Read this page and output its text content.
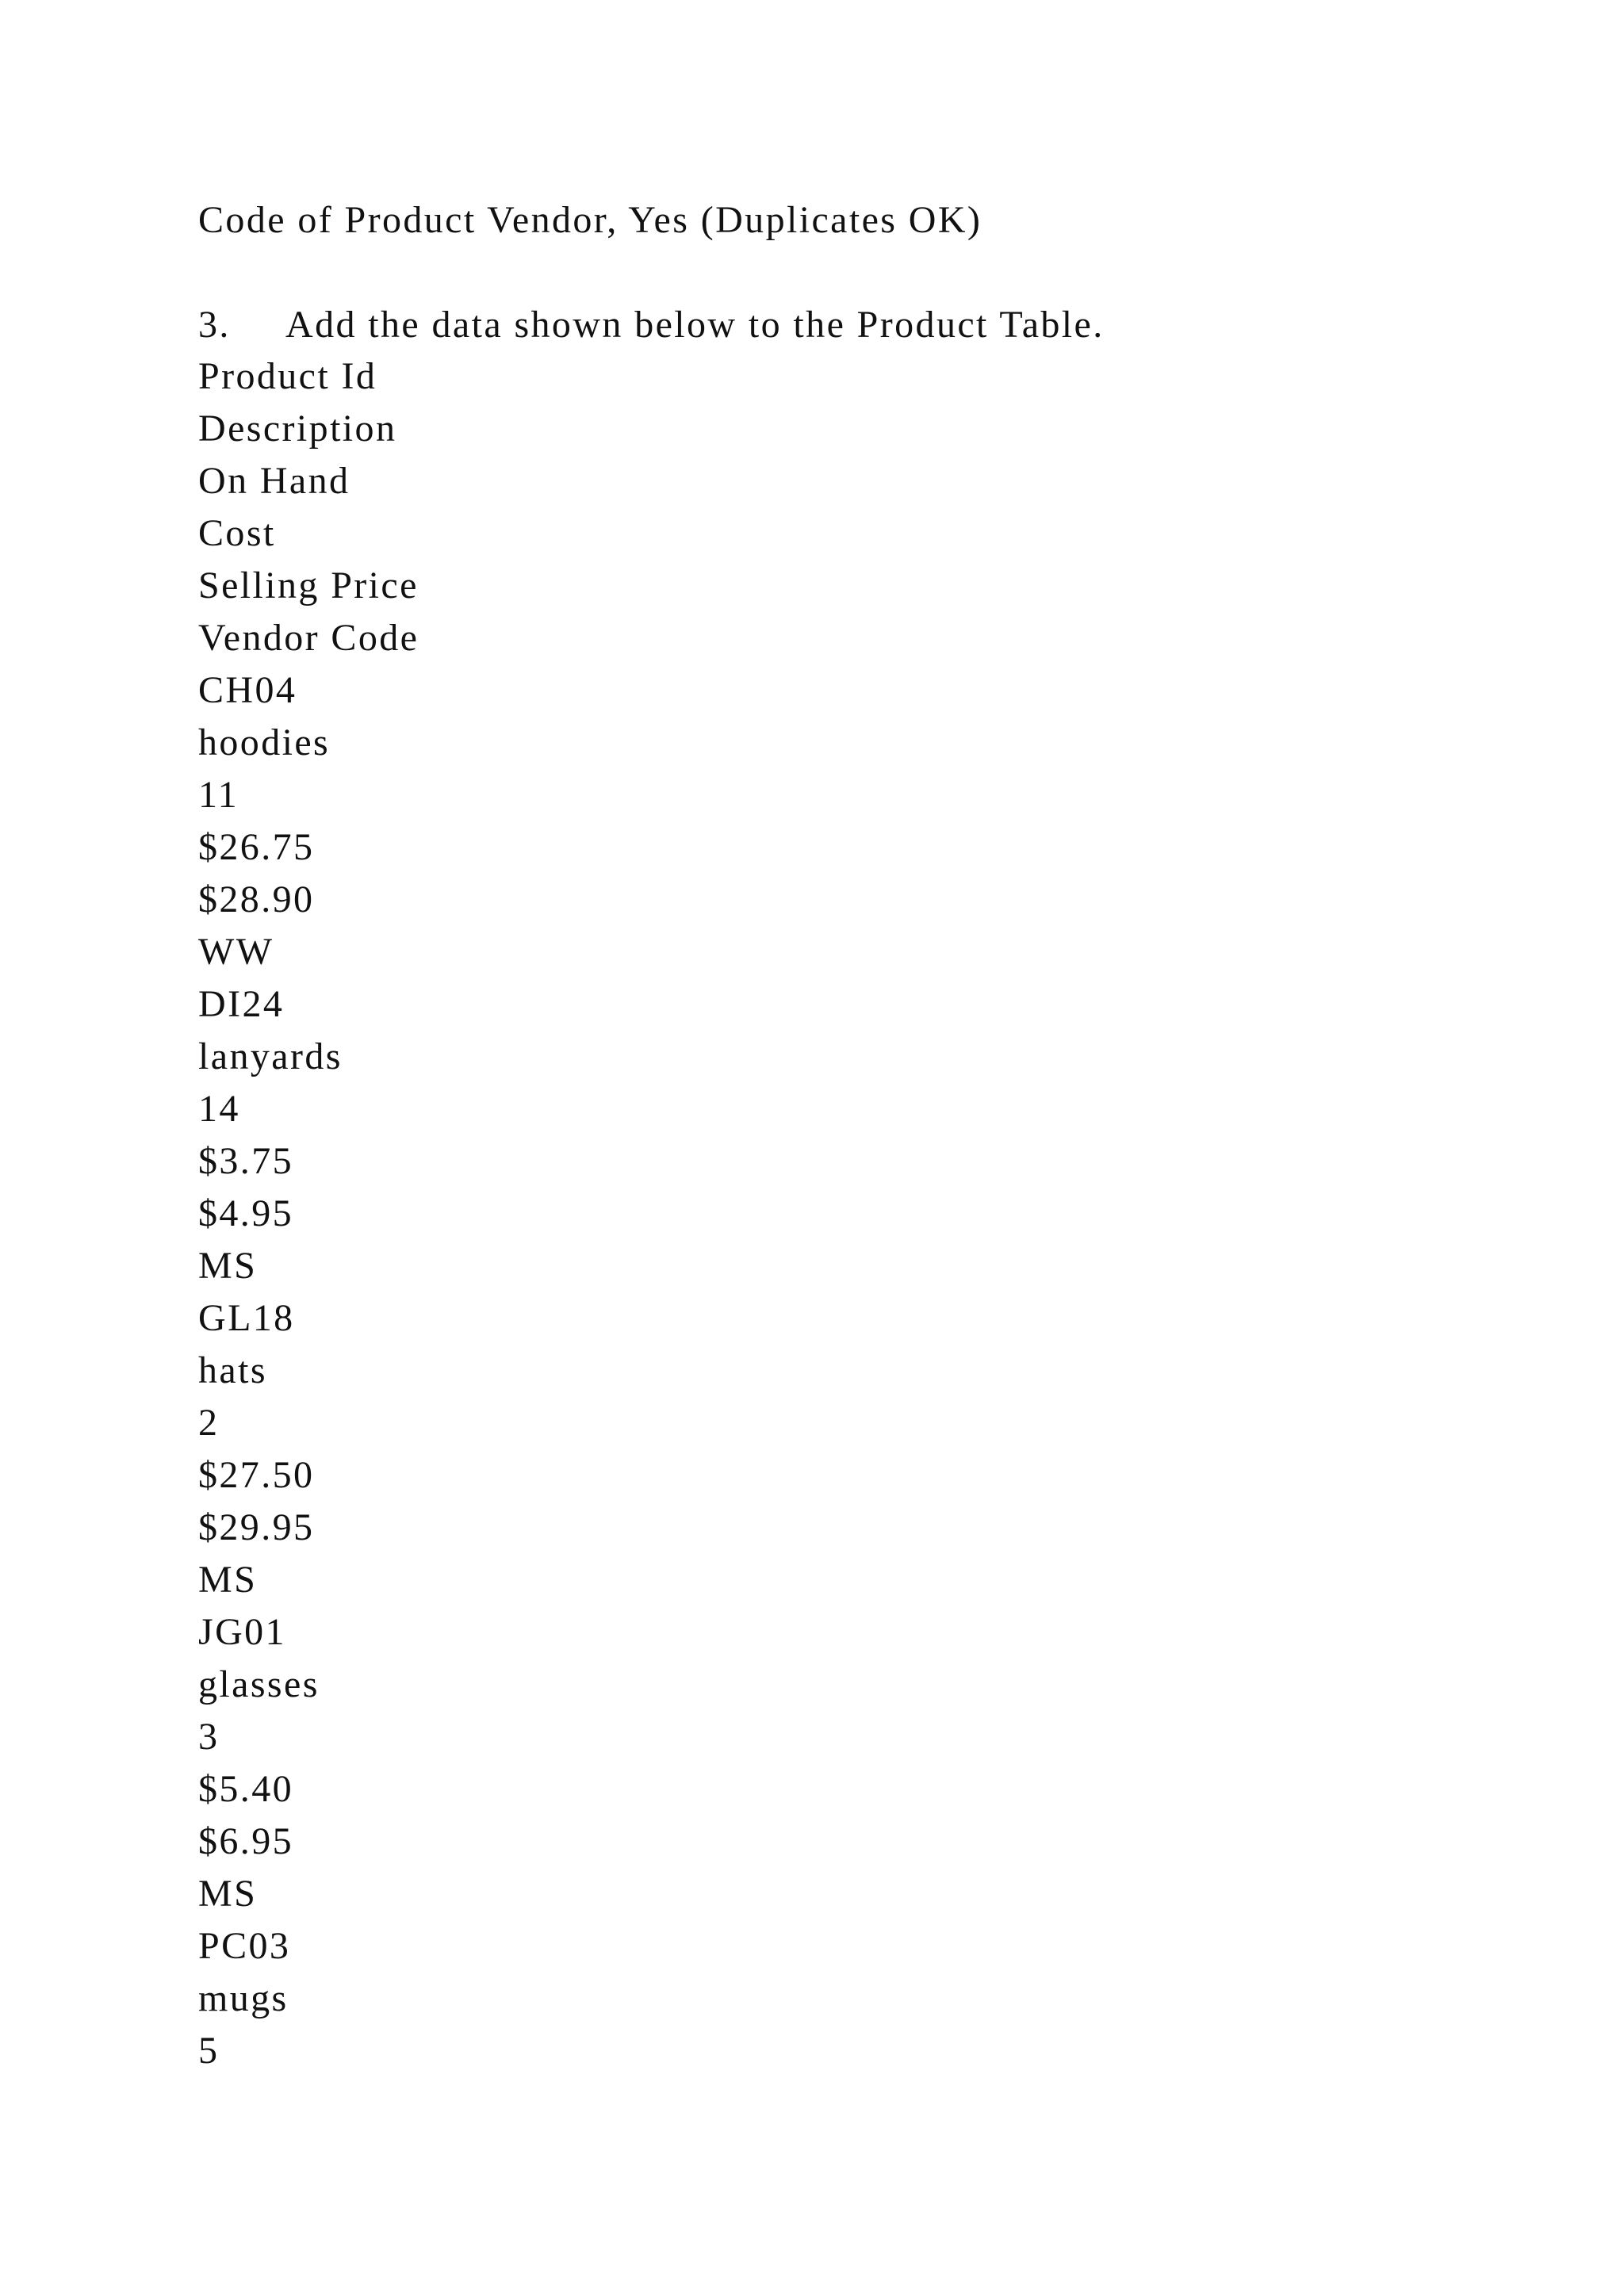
Code of Product Vendor, Yes (Duplicates OK)

3. Add the data shown below to the Product Table.

Product Id

Description

On Hand

Cost

Selling Price

Vendor Code

CH04

hoodies

11

$26.75

$28.90

WW

DI24

lanyards

14

$3.75

$4.95

MS

GL18

hats

2

$27.50

$29.95

MS

JG01

glasses

3

$5.40

$6.95

MS

PC03

mugs

5
